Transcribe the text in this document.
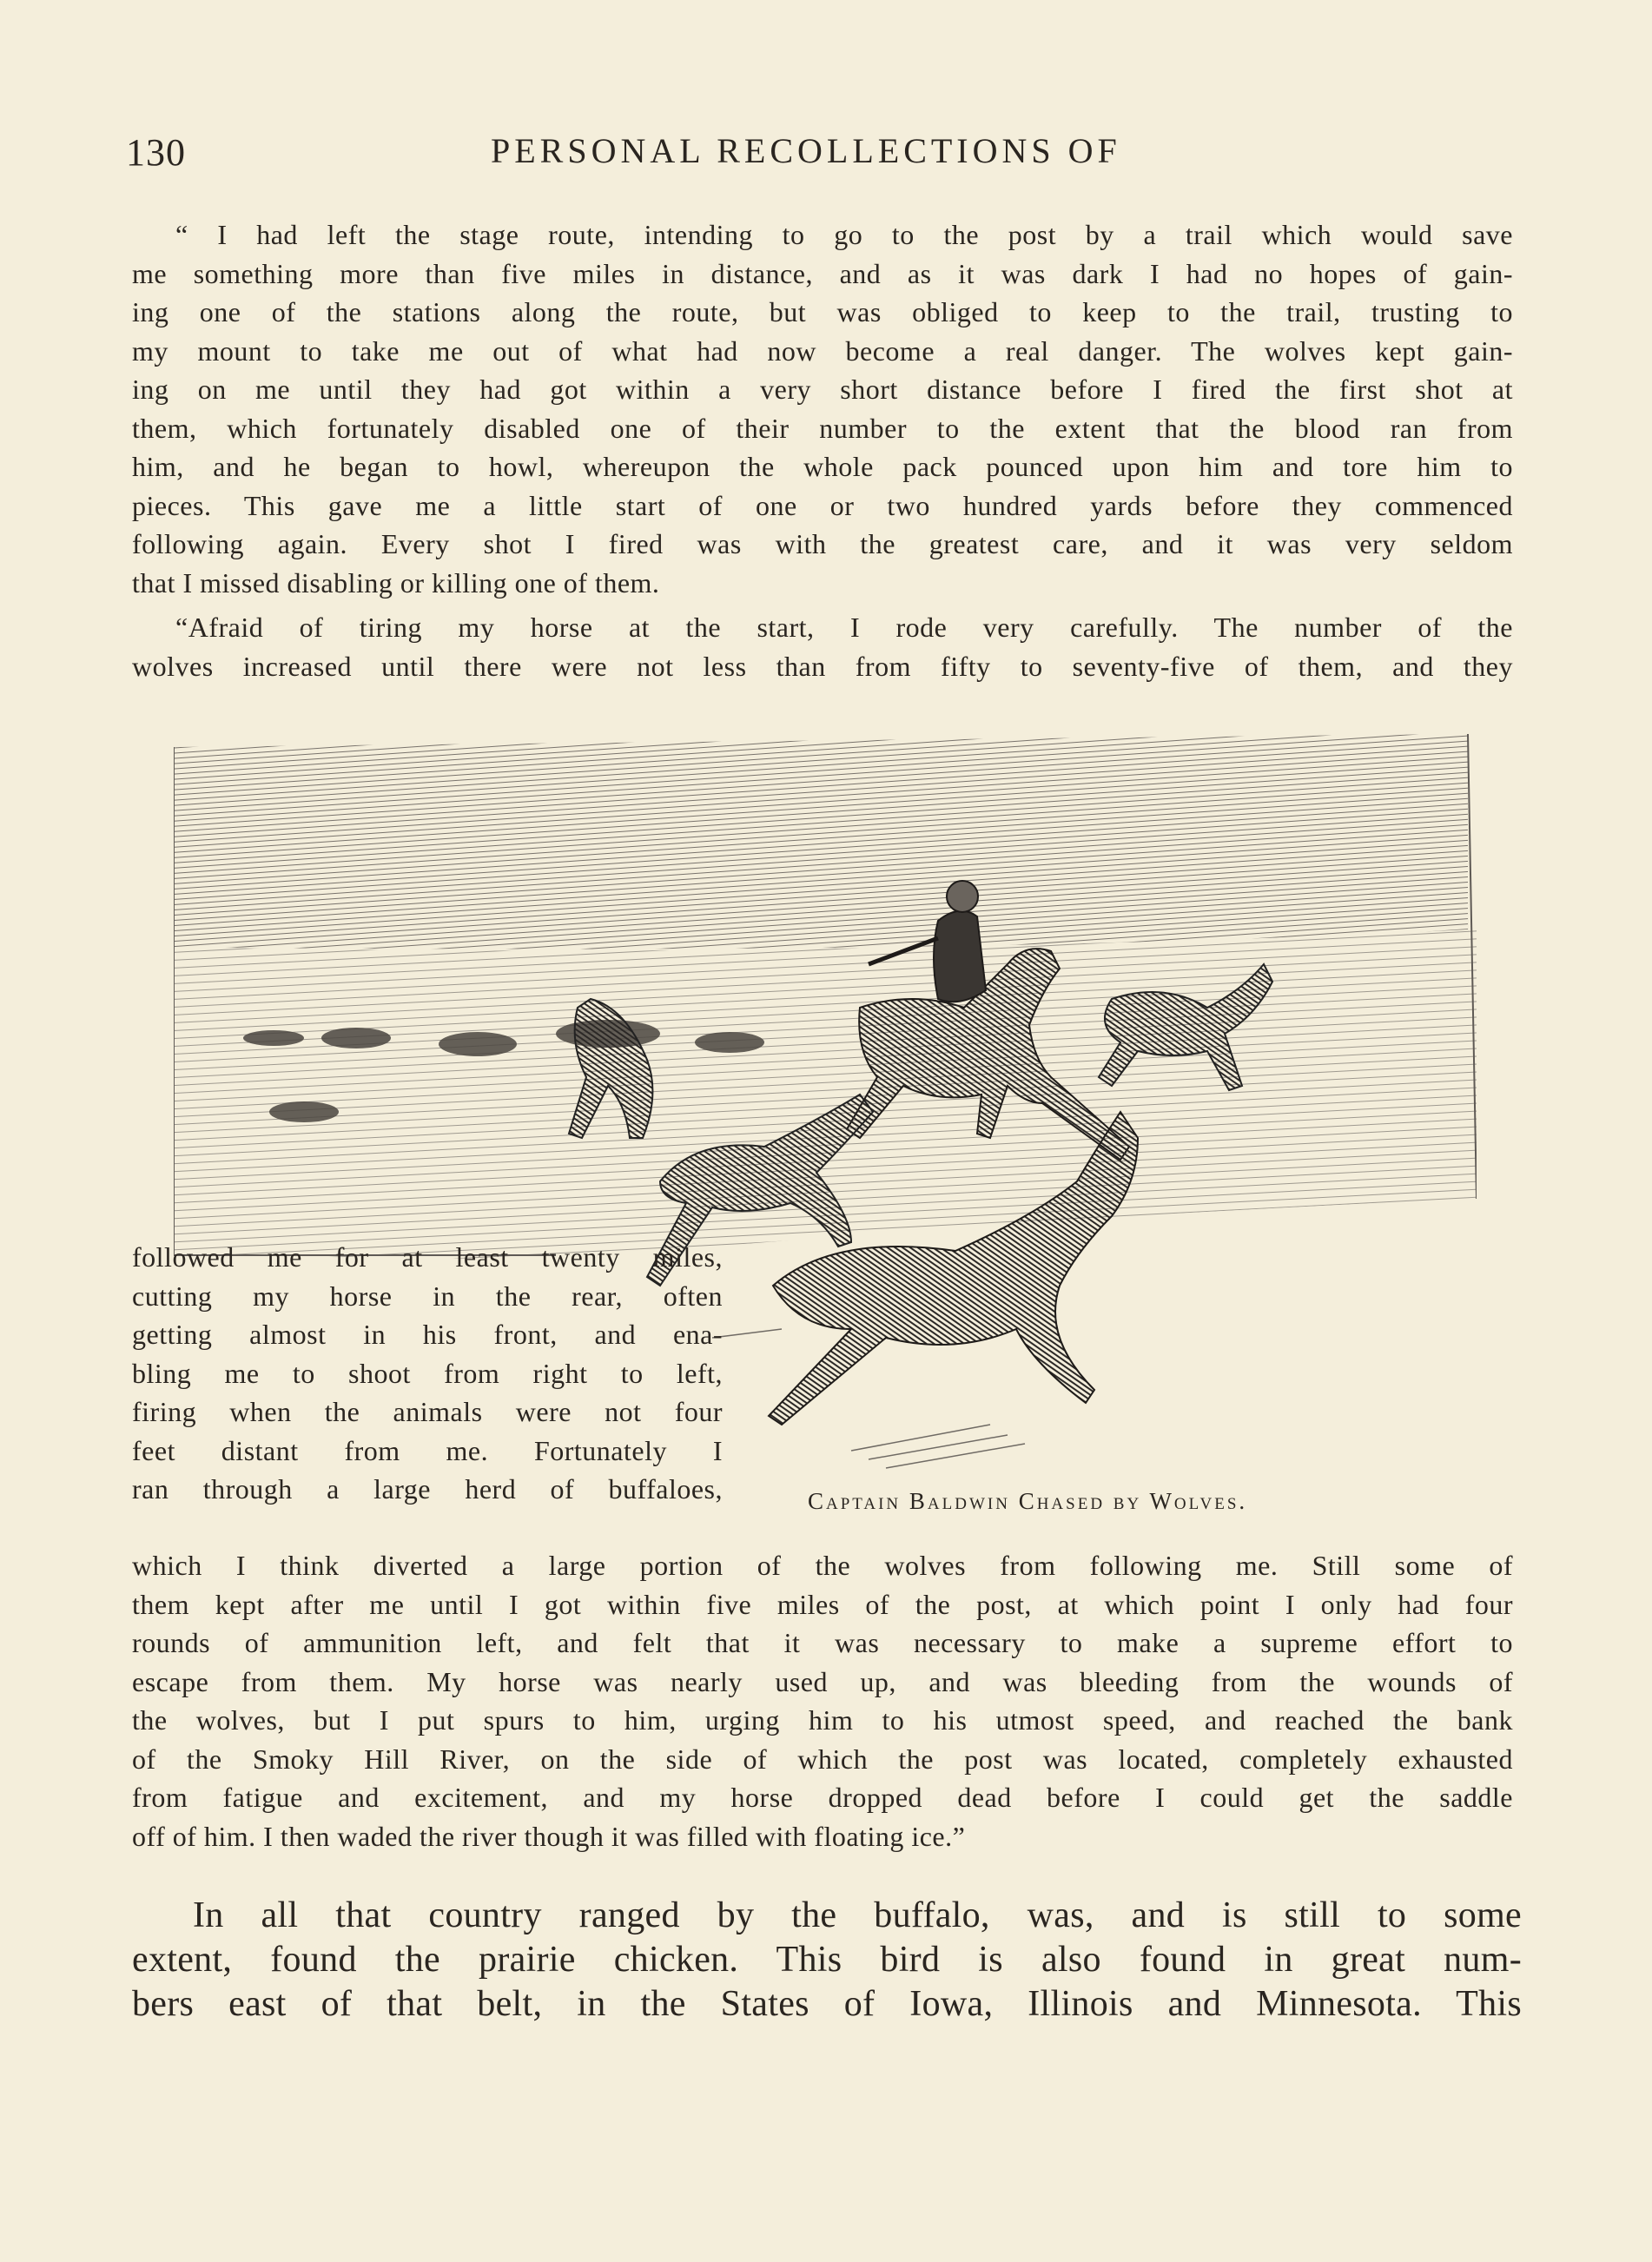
130	PERSONAL RECOLLECTIONS OF
“ I had left the stage route, intending to go to the post by a trail which would save
me something more than five miles in distance, and as it was dark I had no hopes of gain-
ing one of the stations along the route, but was obliged to keep to the trail, trusting to
my mount to take me out of what had now become a real danger. The wolves kept gain-
ing on me until they had got within a very short distance before I fired the first shot at
them, which fortunately disabled one of their number to the extent that the blood ran from
him, and he began to howl, whereupon the whole pack pounced upon him and tore him to
pieces. This gave me a little start of one or two hundred yards before they commenced
following again. Every shot I fired was with the greatest care, and it was very seldom
that I missed disabling or killing one of them.
“Afraid of tiring my horse at the start, I rode very carefully. The number of the
wolves increased until there were not less than from fifty to seventy-five of them, and they
followed me for at least twenty miles,
cutting my horse in the rear, often
getting almost in his front, and ena-
bling me to shoot from right to left,
firing when the animals were not four
feet distant from me. Fortunately I
ran through a large herd of buffaloes,	Captain Baldwin Chased by Wolves.
which I think diverted a large portion of the wolves from following me. Still some of
them kept after me until I got within five miles of the post, at which point I only had four
rounds of ammunition left, and felt that it was necessary to make a supreme effort to
escape from them. My horse was nearly used up, and was bleeding from the wounds of
the wolves, but I put spurs to him, urging him to his utmost speed, and reached the bank
of the Smoky Hill River, on the side of which the post was located, completely exhausted
from fatigue and excitement, and my horse dropped dead before I could get the saddle
off of him. I then waded the river though it was filled with floating ice.”
In all that country ranged by the buffalo, was, and is still to some
extent, found the prairie chicken. This bird is also found in great num-
bers east of that belt, in the States of Iowa, Illinois and Minnesota. This
